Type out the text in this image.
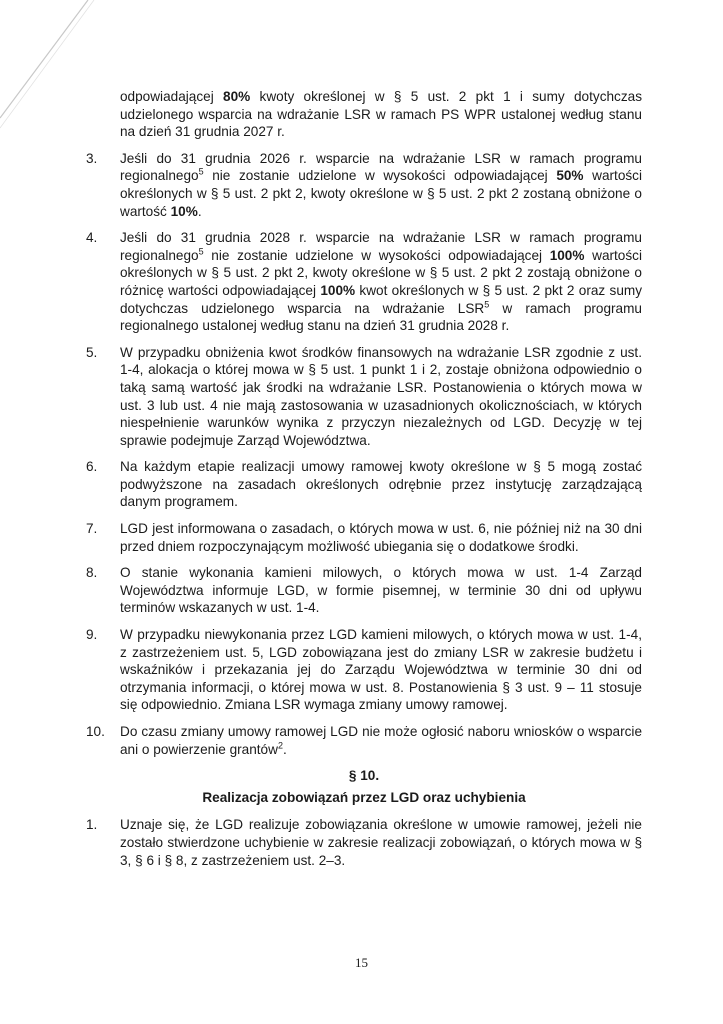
odpowiadającej 80% kwoty określonej w § 5 ust. 2 pkt 1 i sumy dotychczas udzielonego wsparcia na wdrażanie LSR w ramach PS WPR ustalonej według stanu na dzień 31 grudnia 2027 r.

3.	Jeśli do 31 grudnia 2026 r. wsparcie na wdrażanie LSR w ramach programu regionalnego$^5$ nie zostanie udzielone w wysokości odpowiadającej 50% wartości określonych w § 5 ust. 2 pkt 2, kwoty określone w § 5 ust. 2 pkt 2 zostaną obniżone o wartość 10%.

4.	Jeśli do 31 grudnia 2028 r. wsparcie na wdrażanie LSR w ramach programu regionalnego$^5$ nie zostanie udzielone w wysokości odpowiadającej 100% wartości określonych w § 5 ust. 2 pkt 2, kwoty określone w § 5 ust. 2 pkt 2 zostają obniżone o różnicę wartości odpowiadającej 100% kwot określonych w § 5 ust. 2 pkt 2 oraz sumy dotychczas udzielonego wsparcia na wdrażanie LSR$^5$ w ramach programu regionalnego ustalonej według stanu na dzień 31 grudnia 2028 r.

5.	W przypadku obniżenia kwot środków finansowych na wdrażanie LSR zgodnie z ust. 1-4, alokacja o której mowa w § 5 ust. 1 punkt 1 i 2, zostaje obniżona odpowiednio o taką samą wartość jak środki na wdrażanie LSR. Postanowienia o których mowa w ust. 3 lub ust. 4 nie mają zastosowania w uzasadnionych okolicznościach, w których niespełnienie warunków wynika z przyczyn niezależnych od LGD. Decyzję w tej sprawie podejmuje Zarząd Województwa.

6.	Na każdym etapie realizacji umowy ramowej kwoty określone w § 5 mogą zostać podwyższone na zasadach określonych odrębnie przez instytucję zarządzającą danym programem.

7.	LGD jest informowana o zasadach, o których mowa w ust. 6, nie później niż na 30 dni przed dniem rozpoczynającym możliwość ubiegania się o dodatkowe środki.

8.	O stanie wykonania kamieni milowych, o których mowa w ust. 1-4 Zarząd Województwa informuje LGD, w formie pisemnej, w terminie 30 dni od upływu terminów wskazanych w ust. 1-4.

9.	W przypadku niewykonania przez LGD kamieni milowych, o których mowa w ust. 1-4, z zastrzeżeniem ust. 5, LGD zobowiązana jest do zmiany LSR w zakresie budżetu i wskaźników i przekazania jej do Zarządu Województwa w terminie 30 dni od otrzymania informacji, o której mowa w ust. 8. Postanowienia § 3 ust. 9 – 11 stosuje się odpowiednio. Zmiana LSR wymaga zmiany umowy ramowej.

10.	Do czasu zmiany umowy ramowej LGD nie może ogłosić naboru wniosków o wsparcie ani o powierzenie grantów$^2$.

§ 10.
Realizacja zobowiązań przez LGD oraz uchybienia

1.	Uznaje się, że LGD realizuje zobowiązania określone w umowie ramowej, jeżeli nie zostało stwierdzone uchybienie w zakresie realizacji zobowiązań, o których mowa w § 3, § 6 i § 8, z zastrzeżeniem ust. 2–3.

15
